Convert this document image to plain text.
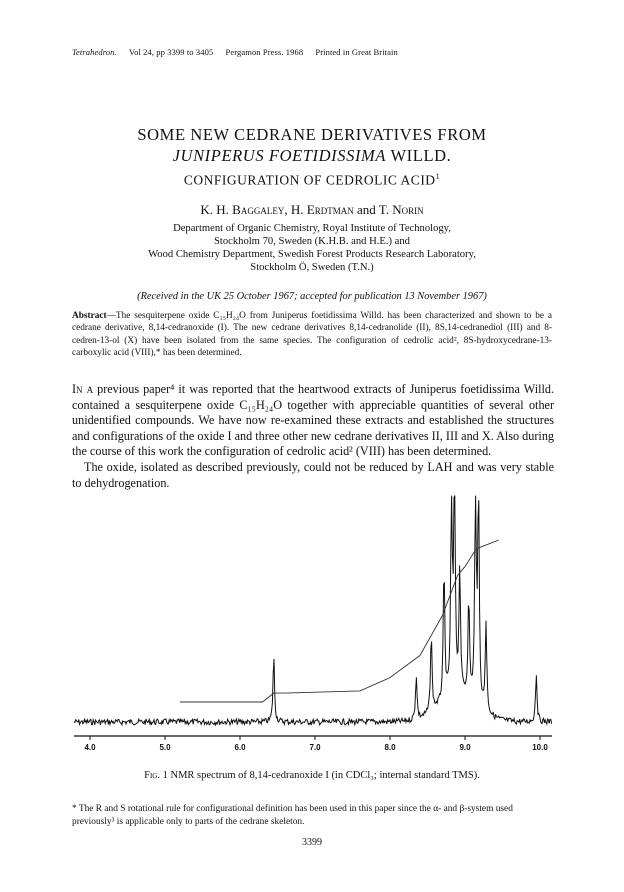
Tetrahedron. Vol 24, pp 3399 to 3405 Pergamon Press. 1968 Printed in Great Britain
SOME NEW CEDRANE DERIVATIVES FROM
JUNIPERUS FOETIDISSIMA WILLD.
CONFIGURATION OF CEDROLIC ACID$^1$
K. H. Baggaley, H. Erdtman and T. Norin
Department of Organic Chemistry, Royal Institute of Technology,
Stockholm 70, Sweden (K.H.B. and H.E.) and
Wood Chemistry Department, Swedish Forest Products Research Laboratory,
Stockholm Ö, Sweden (T.N.)
(Received in the UK 25 October 1967; accepted for publication 13 November 1967)
Abstract—The sesquiterpene oxide C₁₅H₂₄O from Juniperus foetidissima Willd. has been characterized and shown to be a cedrane derivative, 8,14-cedranoxide (I). The new cedrane derivatives 8,14-cedranolide (II), 8S,14-cedranediol (III) and 8-cedren-13-ol (X) have been isolated from the same species. The configuration of cedrolic acid², 8S-hydroxycedrane-13-carboxylic acid (VIII),* has been determined.

In a previous paper⁴ it was reported that the heartwood extracts of Juniperus foetidissima Willd. contained a sesquiterpene oxide C₁₅H₂₄O together with appreciable quantities of several other unidentified compounds. We have now re-examined these extracts and established the structures and configurations of the oxide I and three other new cedrane derivatives II, III and X. Also during the course of this work the configuration of cedrolic acid² (VIII) has been determined.

The oxide, isolated as described previously, could not be reduced by LAH and was very stable to dehydrogenation.

4.0	5.0	6.0	7.0	8.0	9.0	10.0
Fig. 1 NMR spectrum of 8,14-cedranoxide I (in CDCl₃; internal standard TMS).
* The R and S rotational rule for configurational definition has been used in this paper since the α- and β-system used previously³ is applicable only to parts of the cedrane skeleton.
3399
